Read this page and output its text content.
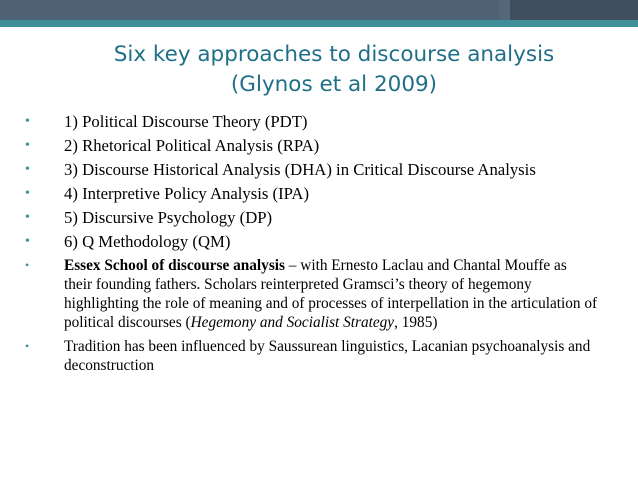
Six key approaches to discourse analysis
(Glynos et al 2009)
• 1) Political Discourse Theory (PDT)
• 2) Rhetorical Political Analysis (RPA)
• 3) Discourse Historical Analysis (DHA) in Critical Discourse Analysis
• 4) Interpretive Policy Analysis (IPA)
• 5) Discursive Psychology (DP)
• 6) Q Methodology (QM)
• Essex School of discourse analysis – with Ernesto Laclau and Chantal Mouffe as their founding fathers. Scholars reinterpreted Gramsci’s theory of hegemony highlighting the role of meaning and of processes of interpellation in the articulation of political discourses (Hegemony and Socialist Strategy, 1985)
• Tradition has been influenced by Saussurean linguistics, Lacanian psychoanalysis and deconstruction
